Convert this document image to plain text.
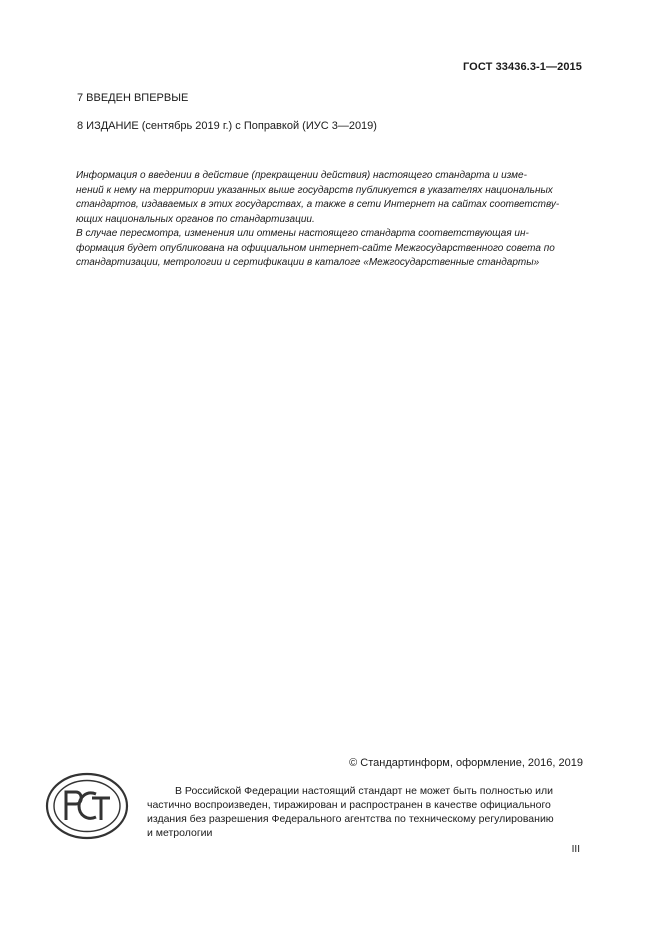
ГОСТ 33436.3-1—2015
7 ВВЕДЕН ВПЕРВЫЕ
8 ИЗДАНИЕ (сентябрь 2019 г.) с Поправкой (ИУС 3—2019)
Информация о введении в действие (прекращении действия) настоящего стандарта и изме-
нений к нему на территории указанных выше государств публикуется в указателях национальных
стандартов, издаваемых в этих государствах, а также в сети Интернет на сайтах соответству-
ющих национальных органов по стандартизации.
В случае пересмотра, изменения или отмены настоящего стандарта соответствующая ин-
формация будет опубликована на официальном интернет-сайте Межгосударственного совета по
стандартизации, метрологии и сертификации в каталоге «Межгосударственные стандарты»
© Стандартинформ, оформление, 2016, 2019
В Российской Федерации настоящий стандарт не может быть полностью или
частично воспроизведен, тиражирован и распространен в качестве официального
издания без разрешения Федерального агентства по техническому регулированию
и метрологии
III
